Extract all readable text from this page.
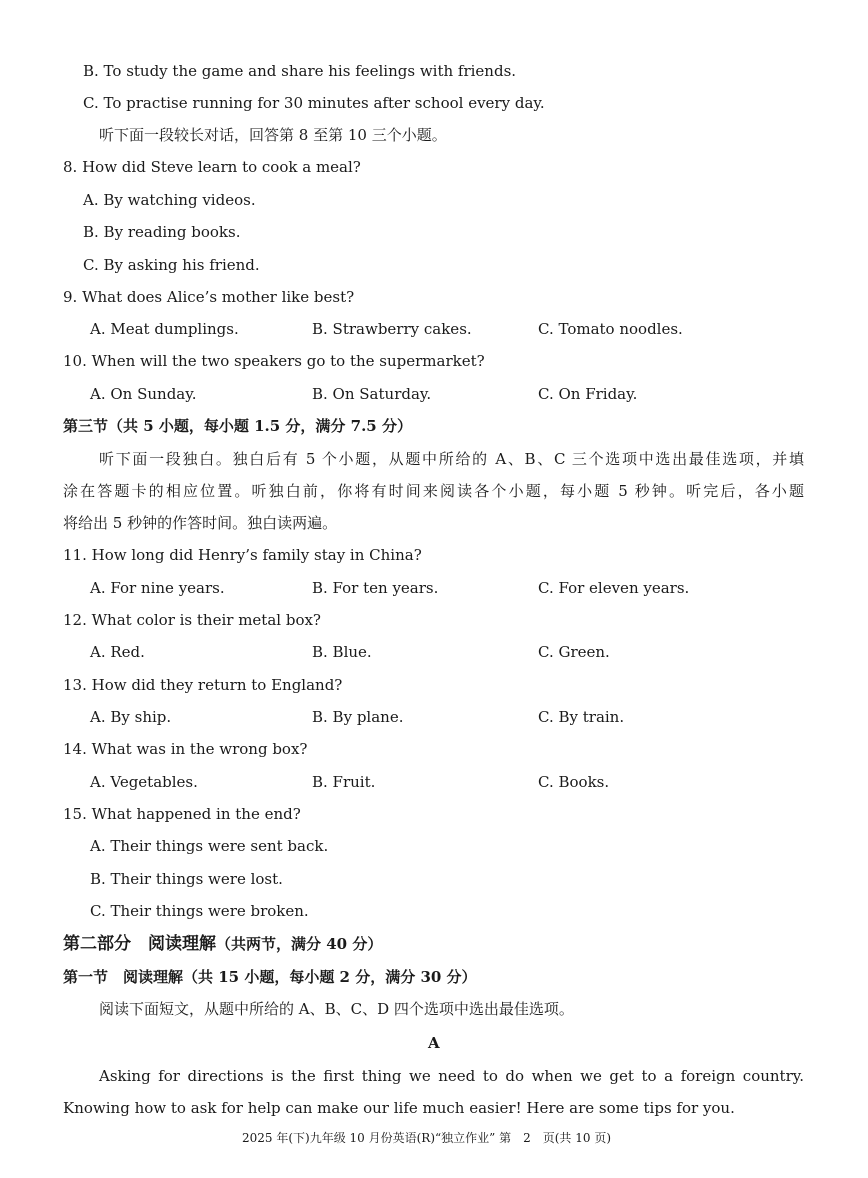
B. To study the game and share his feelings with friends.
C. To practise running for 30 minutes after school every day.
听下面一段较长对话，回答第 8 至第 10 三个小题。
8. How did Steve learn to cook a meal?
A. By watching videos.
B. By reading books.
C. By asking his friend.
9. What does Alice’s mother like best?
A. Meat dumplings.	B. Strawberry cakes.	C. Tomato noodles.
10. When will the two speakers go to the supermarket?
A. On Sunday.	B. On Saturday.	C. On Friday.
第三节（共 5 小题，每小题 1.5 分，满分 7.5 分）
听下面一段独白。独白后有 5 个小题，从题中所给的 A、B、C 三个选项中选出最佳选项，并填
涂在答题卡的相应位置。听独白前，你将有时间来阅读各个小题，每小题 5 秒钟。听完后，各小题
将给出 5 秒钟的作答时间。独白读两遍。
11. How long did Henry’s family stay in China?
A. For nine years.	B. For ten years.	C. For eleven years.
12. What color is their metal box?
A. Red.	B. Blue.	C. Green.
13. How did they return to England?
A. By ship.	B. By plane.	C. By train.
14. What was in the wrong box?
A. Vegetables.	B. Fruit.	C. Books.
15. What happened in the end?
A. Their things were sent back.
B. Their things were lost.
C. Their things were broken.
第二部分　阅读理解（共两节，满分 40 分）
第一节　阅读理解（共 15 小题，每小题 2 分，满分 30 分）
阅读下面短文，从题中所给的 A、B、C、D 四个选项中选出最佳选项。
A
Asking for directions is the first thing we need to do when we get to a foreign country.
Knowing how to ask for help can make our life much easier! Here are some tips for you.
2025 年(下)九年级 10 月份英语(R)“独立作业” 第　2　页(共 10 页)
